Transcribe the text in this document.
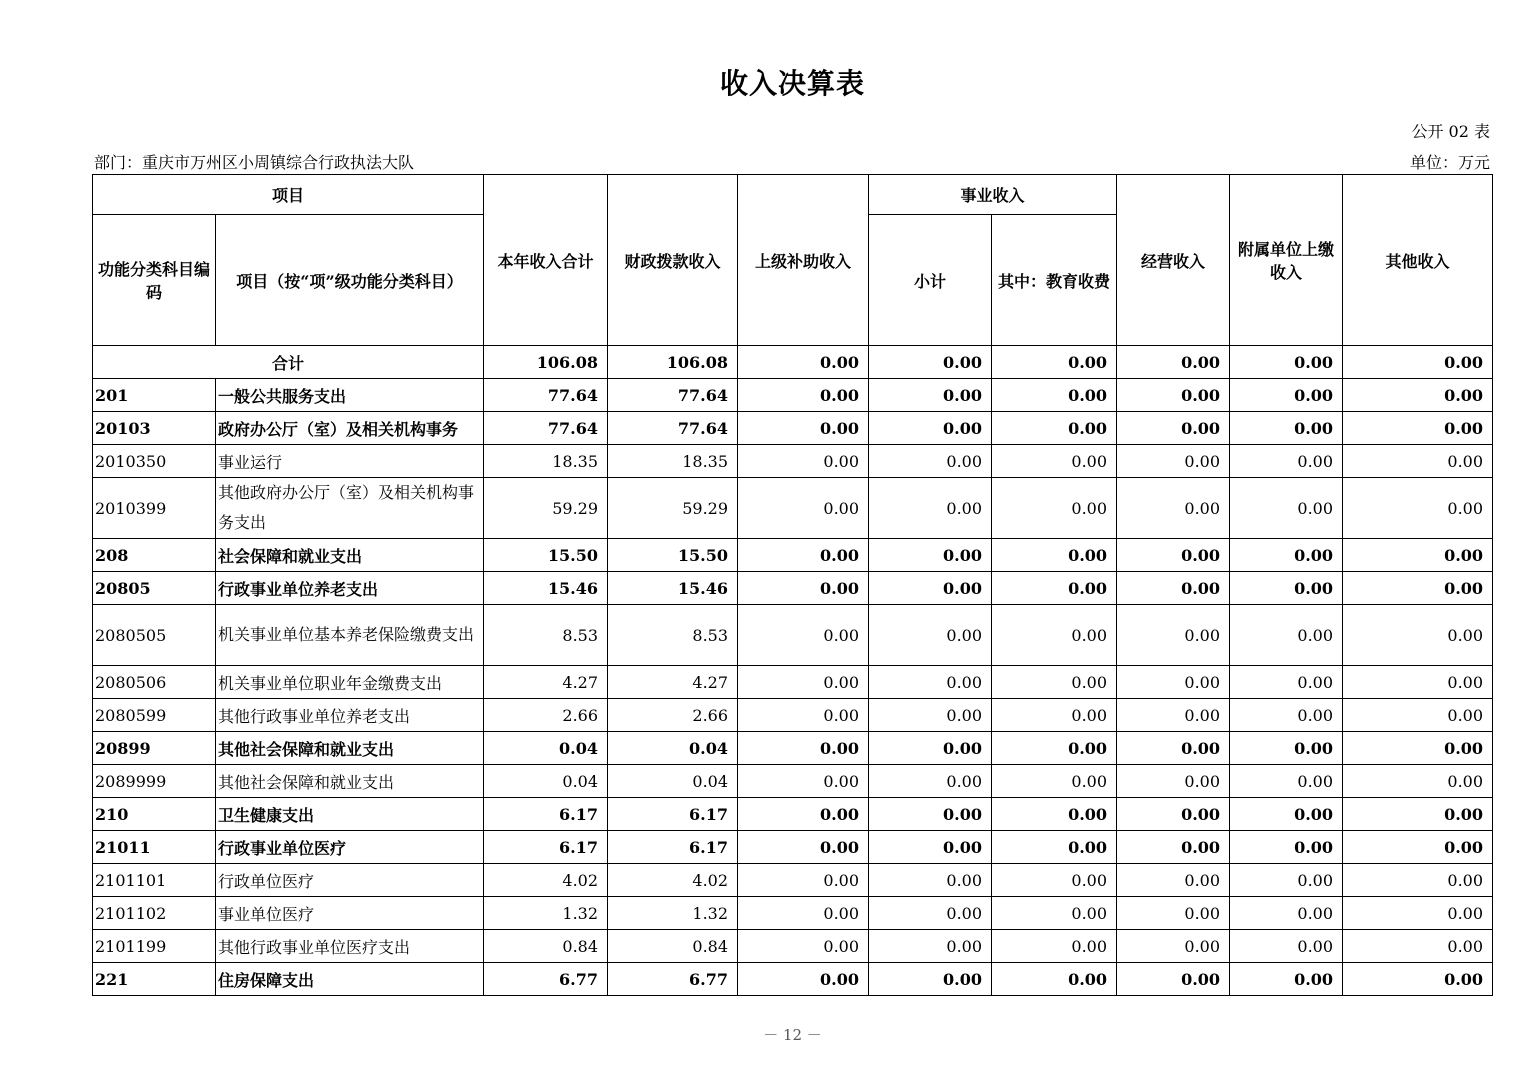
收入决算表
公开 02 表
部门：重庆市万州区小周镇综合行政执法大队	单位：万元
项目		本年收入合计	财政拨款收入	上级补助收入	事业收入		经营收入	附属单位上缴收入	其他收入
功能分类科目编码	项目（按“项”级功能分类科目）				小计	其中：教育收费			
合计		106.08	106.08	0.00	0.00	0.00	0.00	0.00	0.00
201	一般公共服务支出	77.64	77.64	0.00	0.00	0.00	0.00	0.00	0.00
20103	政府办公厅（室）及相关机构事务	77.64	77.64	0.00	0.00	0.00	0.00	0.00	0.00
2010350	事业运行	18.35	18.35	0.00	0.00	0.00	0.00	0.00	0.00
2010399	其他政府办公厅（室）及相关机构事务支出	59.29	59.29	0.00	0.00	0.00	0.00	0.00	0.00
208	社会保障和就业支出	15.50	15.50	0.00	0.00	0.00	0.00	0.00	0.00
20805	行政事业单位养老支出	15.46	15.46	0.00	0.00	0.00	0.00	0.00	0.00
2080505	机关事业单位基本养老保险缴费支出	8.53	8.53	0.00	0.00	0.00	0.00	0.00	0.00
2080506	机关事业单位职业年金缴费支出	4.27	4.27	0.00	0.00	0.00	0.00	0.00	0.00
2080599	其他行政事业单位养老支出	2.66	2.66	0.00	0.00	0.00	0.00	0.00	0.00
20899	其他社会保障和就业支出	0.04	0.04	0.00	0.00	0.00	0.00	0.00	0.00
2089999	其他社会保障和就业支出	0.04	0.04	0.00	0.00	0.00	0.00	0.00	0.00
210	卫生健康支出	6.17	6.17	0.00	0.00	0.00	0.00	0.00	0.00
21011	行政事业单位医疗	6.17	6.17	0.00	0.00	0.00	0.00	0.00	0.00
2101101	行政单位医疗	4.02	4.02	0.00	0.00	0.00	0.00	0.00	0.00
2101102	事业单位医疗	1.32	1.32	0.00	0.00	0.00	0.00	0.00	0.00
2101199	其他行政事业单位医疗支出	0.84	0.84	0.00	0.00	0.00	0.00	0.00	0.00
221	住房保障支出	6.77	6.77	0.00	0.00	0.00	0.00	0.00	0.00
－ 12 －
